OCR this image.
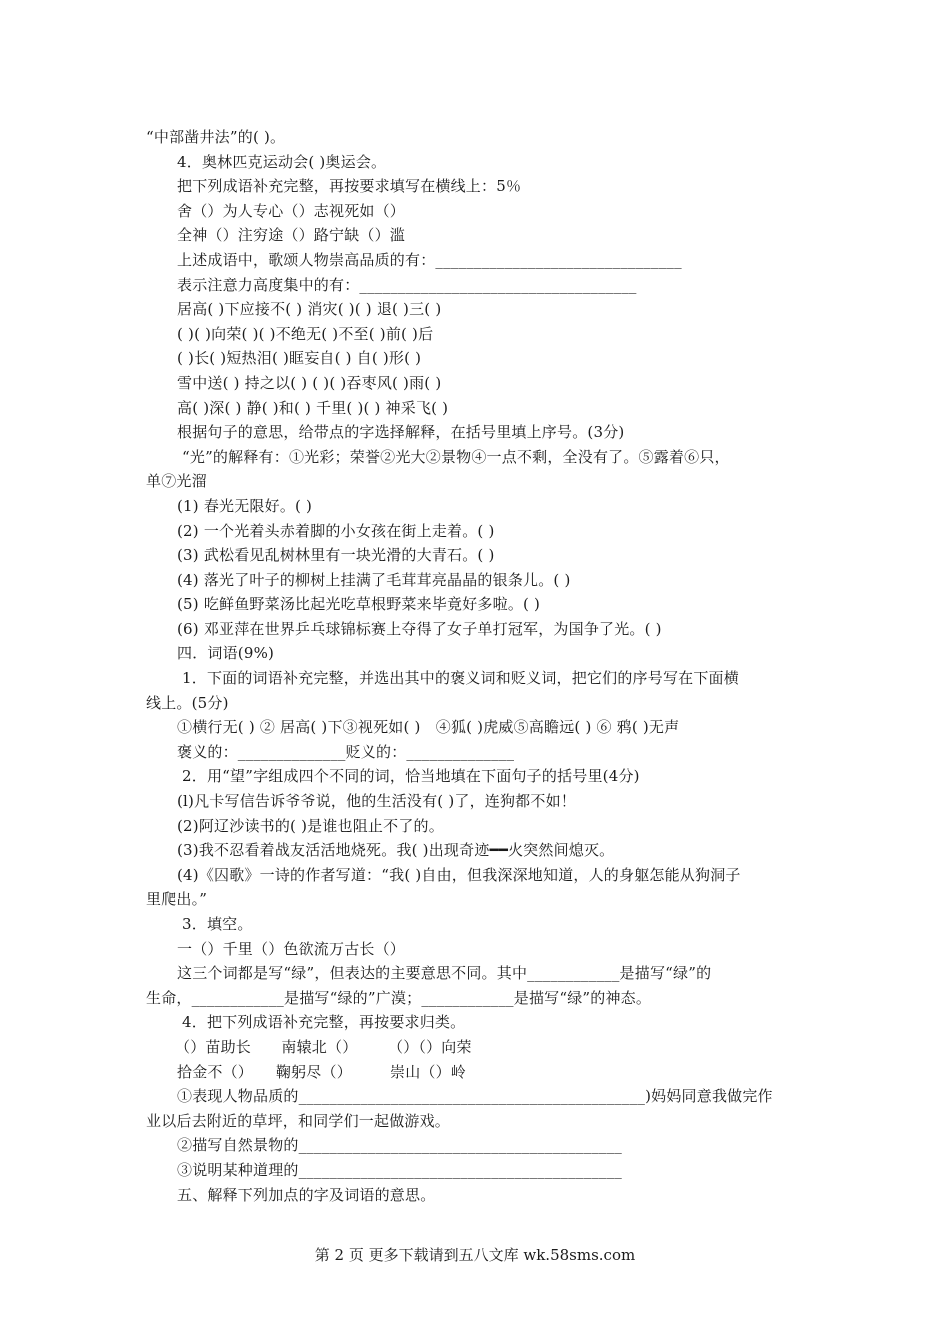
“中部凿井法”的( )。
4．奥林匹克运动会( )奥运会。
把下列成语补充完整，再按要求填写在横线上：5％
舍（）为人专心（）志视死如（）
全神（）注穷途（）路宁缺（）滥
上述成语中，歌颂人物崇高品质的有：________________________________
表示注意力高度集中的有：____________________________________
居高( )下应接不( ) 消灾( )( ) 退( )三( )
( )( )向荣( )( )不绝无( )不至( )前( )后
( )长( )短热泪( )眶妄自( ) 自( )形( )
雪中送( ) 持之以( ) ( )( )吞枣风( )雨( )
高( )深( ) 静( )和( ) 千里( )( ) 神采飞( )
根据句子的意思，给带点的字选择解释，在括号里填上序号。(3分)
“光”的解释有：①光彩；荣誉②光大②景物④一点不剩，全没有了。⑤露着⑥只，
单⑦光溜
(1) 春光无限好。( )
(2) 一个光着头赤着脚的小女孩在街上走着。( )
(3) 武松看见乱树林里有一块光滑的大青石。( )
(4) 落光了叶子的柳树上挂满了毛茸茸亮晶晶的银条儿。( )
(5) 吃鲜鱼野菜汤比起光吃草根野菜来毕竟好多啦。( )
(6) 邓亚萍在世界乒乓球锦标赛上夺得了女子单打冠军，为国争了光。( )
四．词语(9%)
1．下面的词语补充完整，并选出其中的褒义词和贬义词，把它们的序号写在下面横
线上。(5分)
①横行无( ) ② 居高( )下③视死如( )　④狐( )虎威⑤高瞻远( ) ⑥ 鸦( )无声
褒义的：______________贬义的：______________
2．用“望”字组成四个不同的词，恰当地填在下面句子的括号里(4分)
(l)凡卡写信告诉爷爷说，他的生活没有( )了，连狗都不如！
(2)阿辽沙读书的( )是谁也阻止不了的。
(3)我不忍看着战友活活地烧死。我( )出现奇迹━━火突然间熄灭。
(4)《囚歌》一诗的作者写道：“我( )自由，但我深深地知道，人的身躯怎能从狗洞子
里爬出。”
3．填空。
一（）千里（）色欲流万古长（）
这三个词都是写“绿”，但表达的主要意思不同。其中____________是描写“绿”的
生命，____________是描写“绿的”广漠；____________是描写“绿”的神态。
4．把下列成语补充完整，再按要求归类。
（）苗助长　　南辕北（）　　　（）（）向荣
拾金不（）　　鞠躬尽（）　　　崇山（）岭
①表现人物品质的_____________________________________________)妈妈同意我做完作
业以后去附近的草坪，和同学们一起做游戏。
②描写自然景物的__________________________________________
③说明某种道理的__________________________________________
五、解释下列加点的字及词语的意思。
第 2 页 更多下载请到五八文库 wk.58sms.com
